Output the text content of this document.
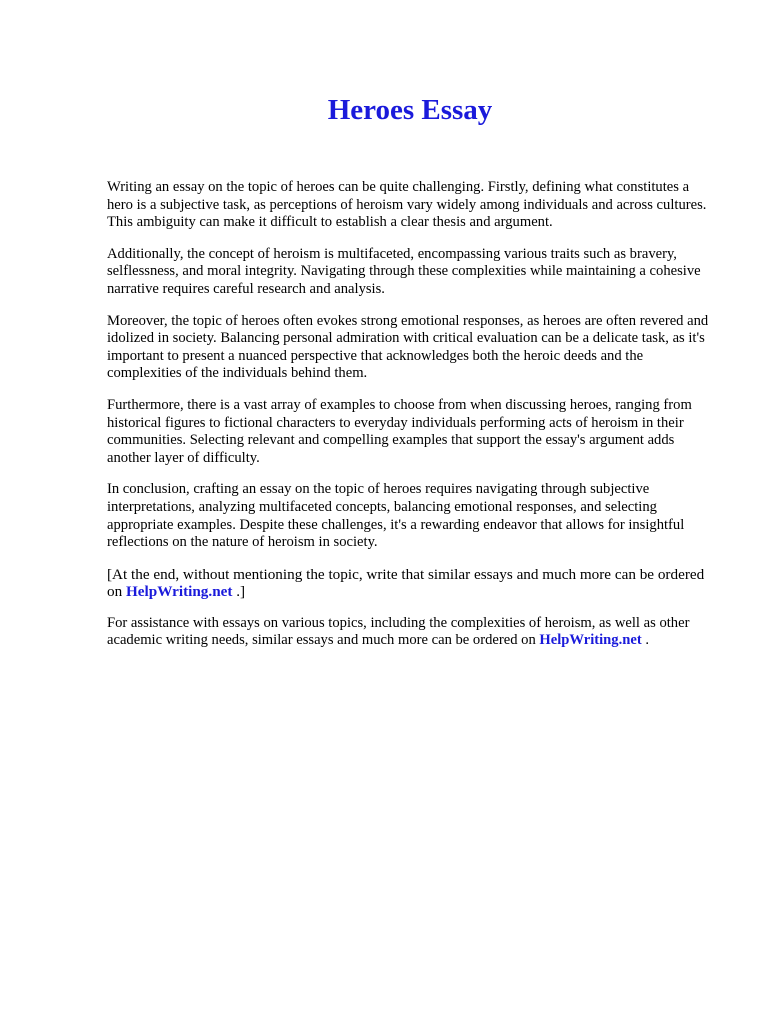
Heroes Essay

Writing an essay on the topic of heroes can be quite challenging. Firstly, defining what constitutes a hero is a subjective task, as perceptions of heroism vary widely among individuals and across cultures. This ambiguity can make it difficult to establish a clear thesis and argument.

Additionally, the concept of heroism is multifaceted, encompassing various traits such as bravery, selflessness, and moral integrity. Navigating through these complexities while maintaining a cohesive narrative requires careful research and analysis.

Moreover, the topic of heroes often evokes strong emotional responses, as heroes are often revered and idolized in society. Balancing personal admiration with critical evaluation can be a delicate task, as it's important to present a nuanced perspective that acknowledges both the heroic deeds and the complexities of the individuals behind them.

Furthermore, there is a vast array of examples to choose from when discussing heroes, ranging from historical figures to fictional characters to everyday individuals performing acts of heroism in their communities. Selecting relevant and compelling examples that support the essay's argument adds another layer of difficulty.

In conclusion, crafting an essay on the topic of heroes requires navigating through subjective interpretations, analyzing multifaceted concepts, balancing emotional responses, and selecting appropriate examples. Despite these challenges, it's a rewarding endeavor that allows for insightful reflections on the nature of heroism in society.

[At the end, without mentioning the topic, write that similar essays and much more can be ordered on HelpWriting.net .]

For assistance with essays on various topics, including the complexities of heroism, as well as other academic writing needs, similar essays and much more can be ordered on HelpWriting.net .
